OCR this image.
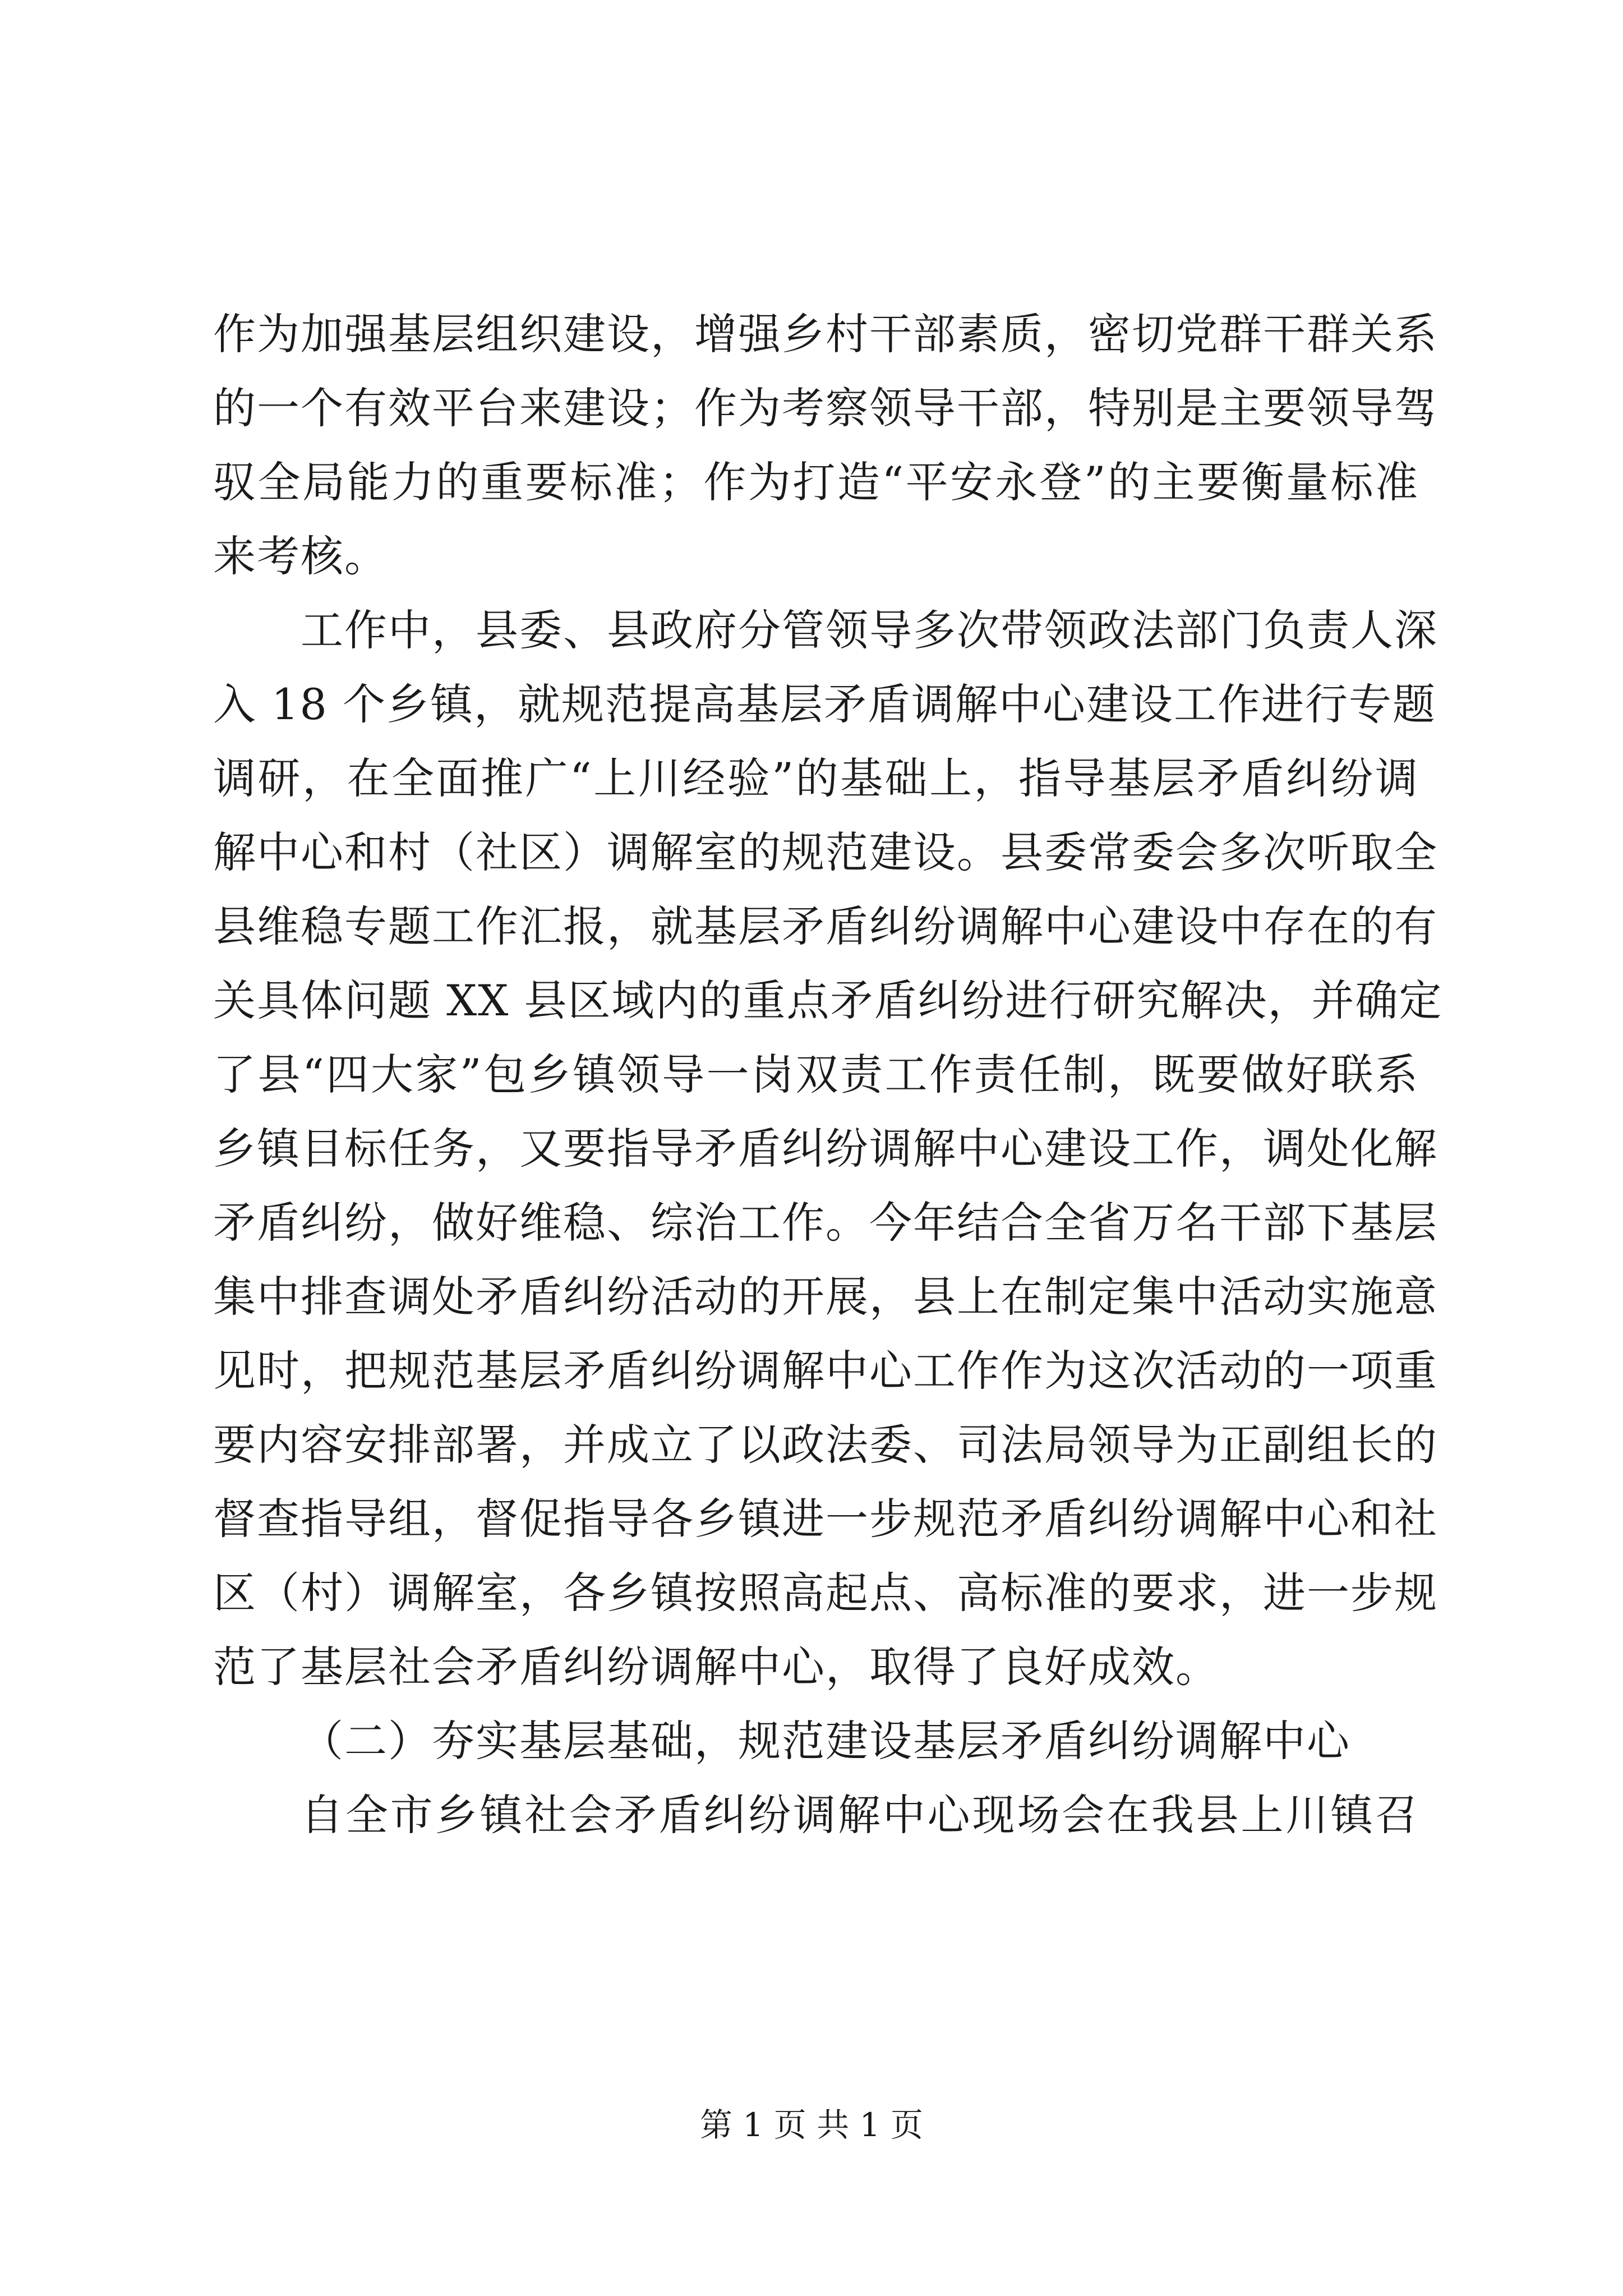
作为加强基层组织建设，增强乡村干部素质，密切党群干群关系
的一个有效平台来建设；作为考察领导干部，特别是主要领导驾
驭全局能力的重要标准；作为打造“平安永登”的主要衡量标准
来考核。
工作中，县委、县政府分管领导多次带领政法部门负责人深
入 18 个乡镇，就规范提高基层矛盾调解中心建设工作进行专题
调研，在全面推广“上川经验”的基础上，指导基层矛盾纠纷调
解中心和村（社区）调解室的规范建设。县委常委会多次听取全
县维稳专题工作汇报，就基层矛盾纠纷调解中心建设中存在的有
关具体问题 XX 县区域内的重点矛盾纠纷进行研究解决，并确定
了县“四大家”包乡镇领导一岗双责工作责任制，既要做好联系
乡镇目标任务，又要指导矛盾纠纷调解中心建设工作，调处化解
矛盾纠纷，做好维稳、综治工作。今年结合全省万名干部下基层
集中排查调处矛盾纠纷活动的开展，县上在制定集中活动实施意
见时，把规范基层矛盾纠纷调解中心工作作为这次活动的一项重
要内容安排部署，并成立了以政法委、司法局领导为正副组长的
督查指导组，督促指导各乡镇进一步规范矛盾纠纷调解中心和社
区（村）调解室，各乡镇按照高起点、高标准的要求，进一步规
范了基层社会矛盾纠纷调解中心，取得了良好成效。
（二）夯实基层基础，规范建设基层矛盾纠纷调解中心
自全市乡镇社会矛盾纠纷调解中心现场会在我县上川镇召
第 1 页 共 1 页
